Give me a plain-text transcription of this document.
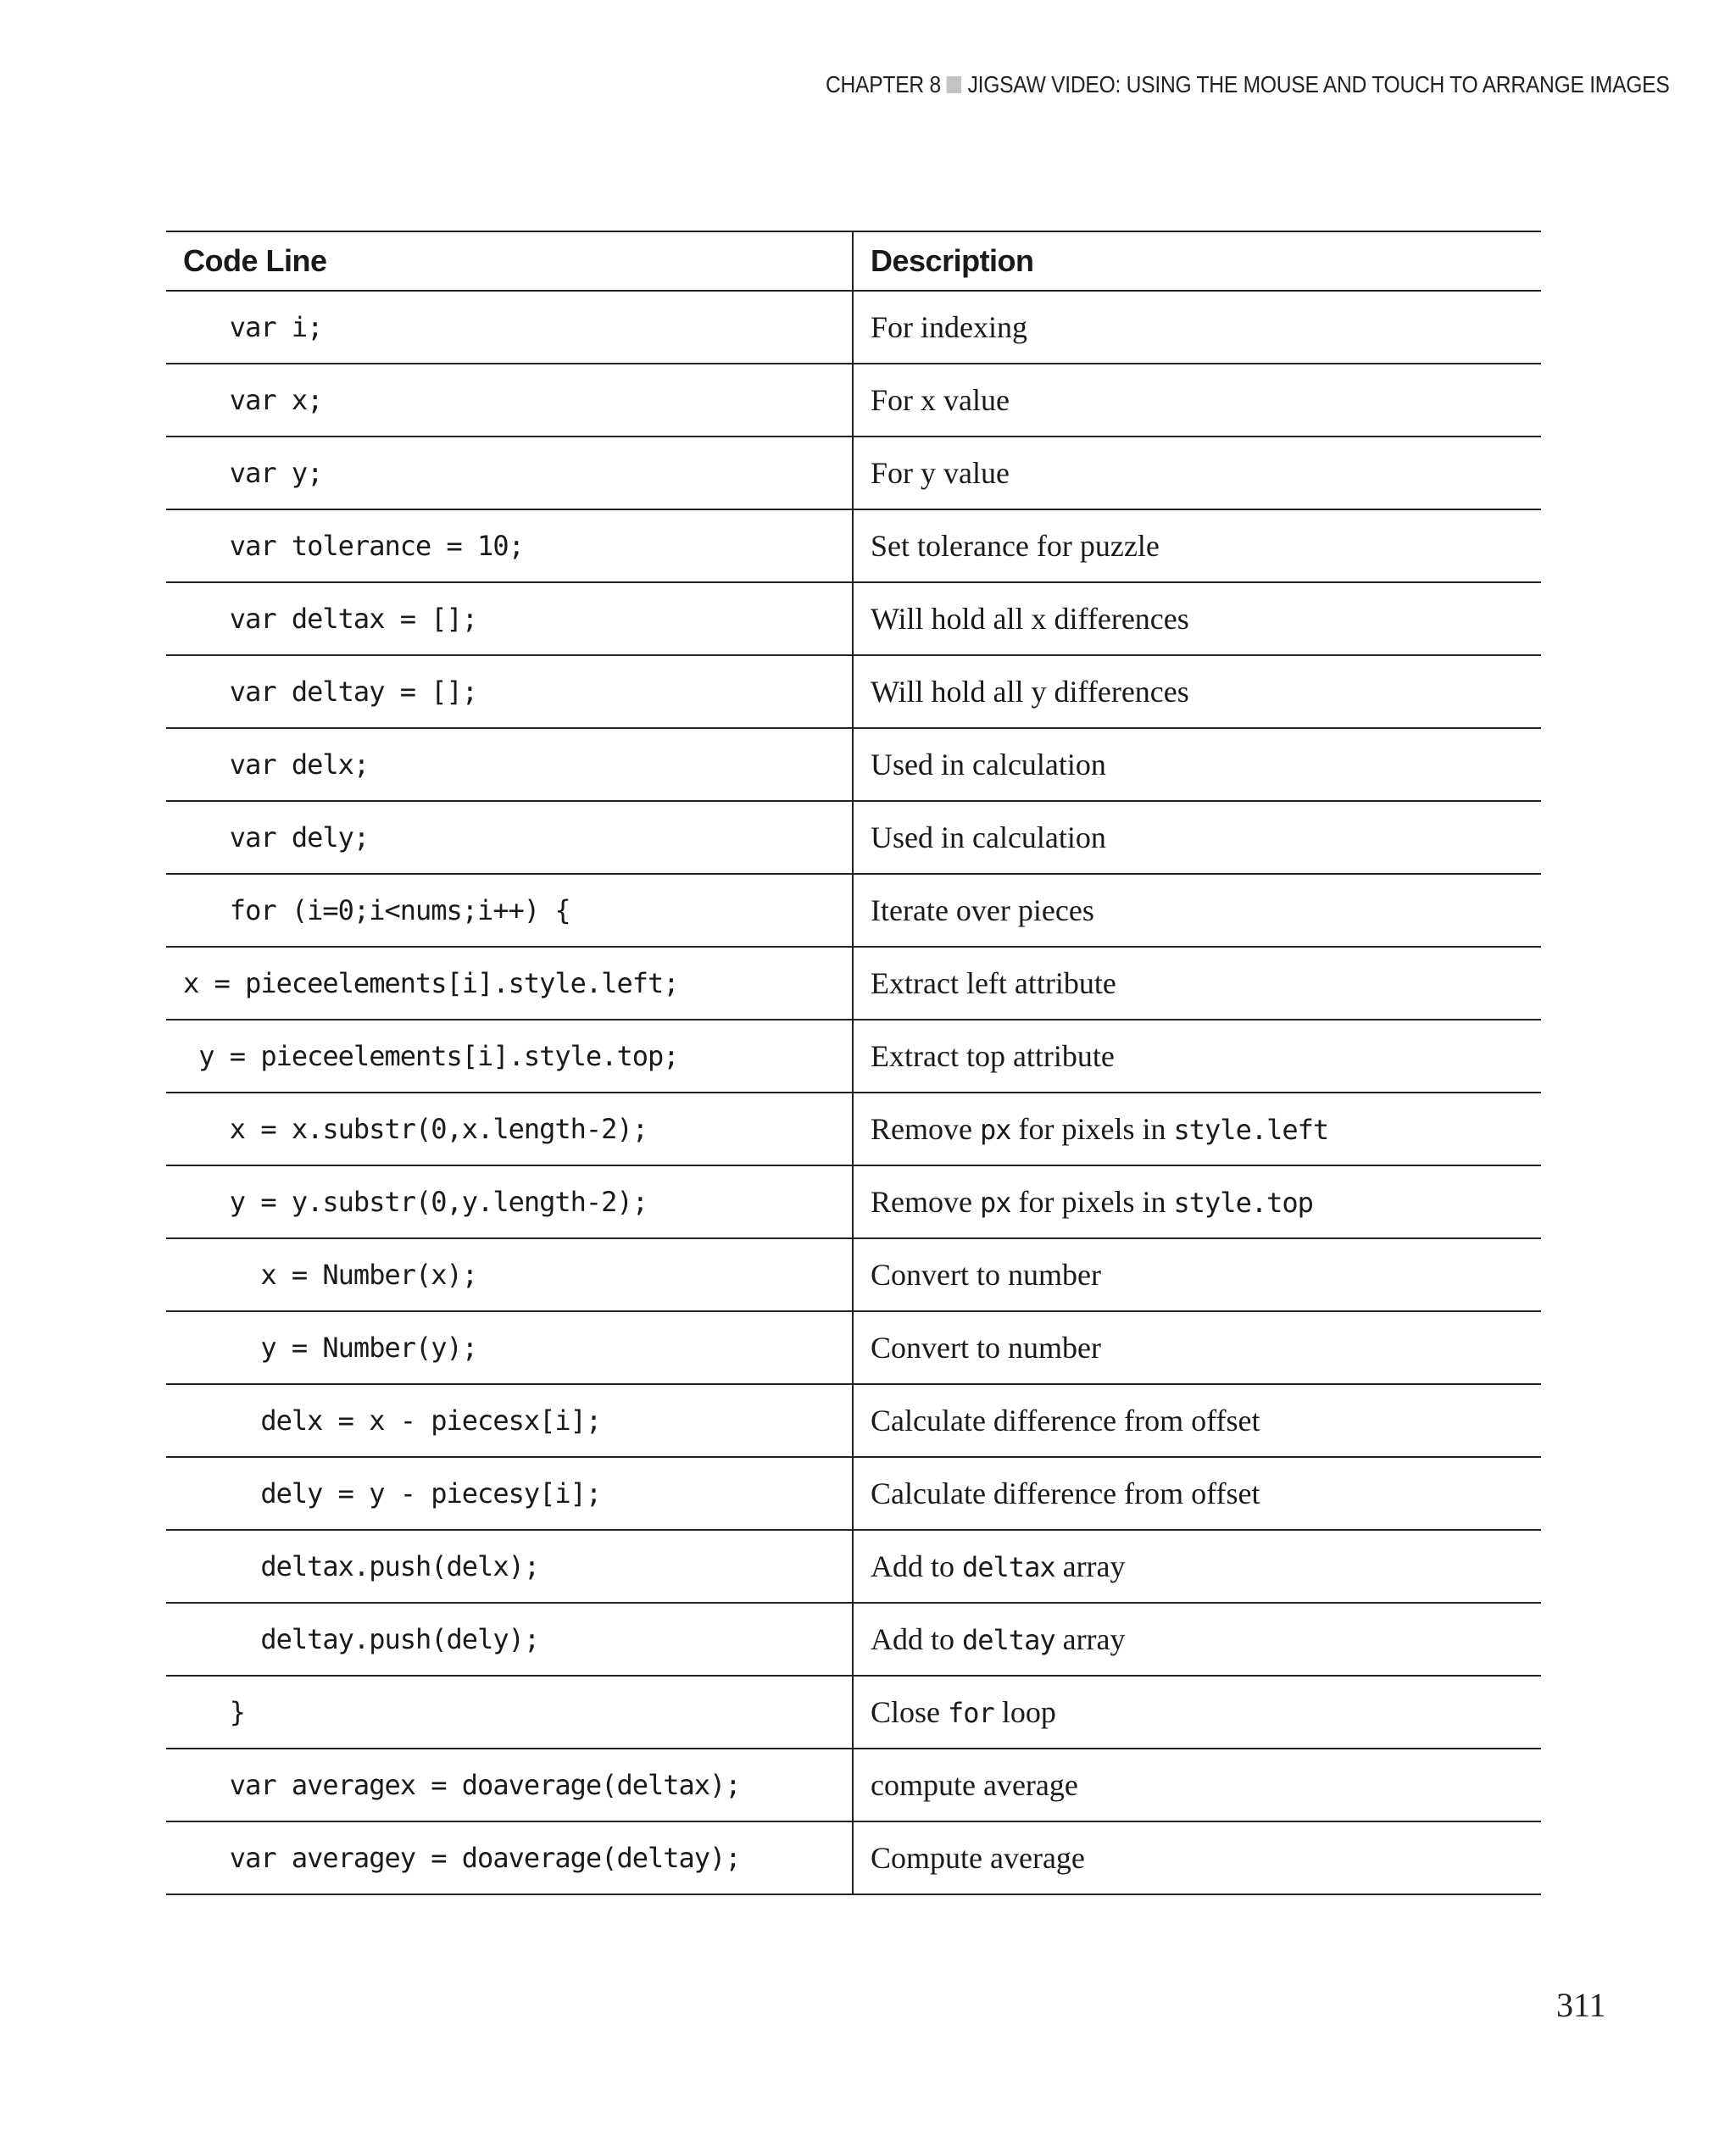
CHAPTER 8 JIGSAW VIDEO: USING THE MOUSE AND TOUCH TO ARRANGE IMAGES
Code Line	Description
var i;	For indexing
var x;	For x value
var y;	For y value
var tolerance = 10;	Set tolerance for puzzle
var deltax = [];	Will hold all x differences
var deltay = [];	Will hold all y differences
var delx;	Used in calculation
var dely;	Used in calculation
for (i=0;i<nums;i++) {	Iterate over pieces
x = pieceelements[i].style.left;	Extract left attribute
y = pieceelements[i].style.top;	Extract top attribute
x = x.substr(0,x.length-2);	Remove px for pixels in style.left
y = y.substr(0,y.length-2);	Remove px for pixels in style.top
x = Number(x);	Convert to number
y = Number(y);	Convert to number
delx = x - piecesx[i];	Calculate difference from offset
dely = y - piecesy[i];	Calculate difference from offset
deltax.push(delx);	Add to deltax array
deltay.push(dely);	Add to deltay array
}	Close for loop
var averagex = doaverage(deltax);	compute average
var averagey = doaverage(deltay);	Compute average
311
